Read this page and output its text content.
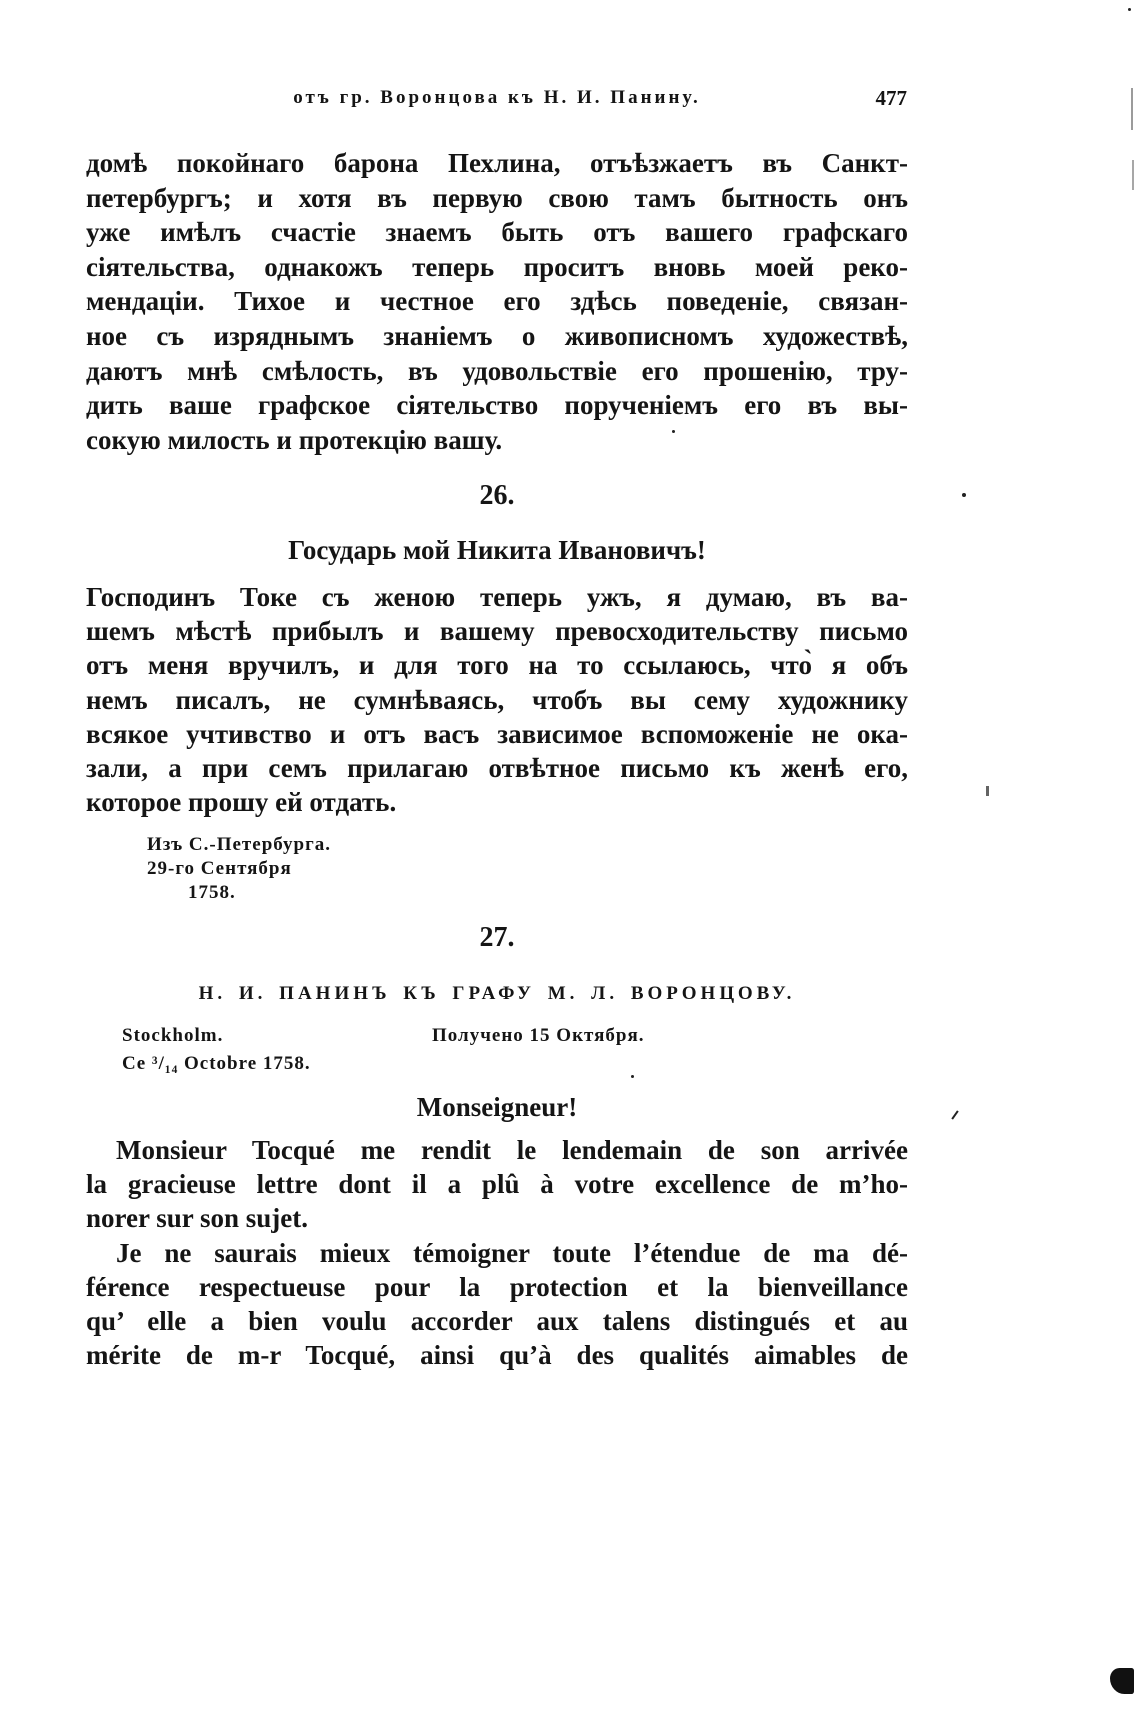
отъ гр. Воронцова къ Н. И. Панину.	477
домѣ покойнаго барона Пехлина, отъѣзжаетъ въ Санкт-
петербургъ; и хотя въ первую свою тамъ бытность онъ
уже имѣлъ счастіе знаемъ быть отъ вашего графскаго
сіятельства, однакожъ теперь проситъ вновь моей реко-
мендаціи. Тихое и честное его здѣсь поведеніе, связан-
ное съ изряднымъ знаніемъ о живописномъ художествѣ,
даютъ мнѣ смѣлость, въ удовольствіе его прошенію, тру-
дить ваше графское сіятельство порученіемъ его въ вы-
сокую милость и протекцію вашу.
26.
Государь мой Никита Ивановичъ!
Господинъ Токе съ женою теперь ужъ, я думаю, въ ва-
шемъ мѣстѣ прибылъ и вашему превосходительству письмо
отъ меня вручилъ, и для того на то ссылаюсь, что̀ я объ
немъ писалъ, не сумнѣваясь, чтобъ вы сему художнику
всякое учтивство и отъ васъ зависимое вспоможеніе не ока-
зали, а при семъ прилагаю отвѣтное письмо къ женѣ его,
которое прошу ей отдать.
Изъ С.-Петербурга.
29-го Сентября
1758.
27.
Н. И. ПАНИНЪ КЪ ГРАФУ М. Л. ВОРОНЦОВУ.
Stockholm.	Получено 15 Октября.
Ce ³/₁₄ Octobre 1758.
Monseigneur!
Monsieur Tocqué me rendit le lendemain de son arrivée
la gracieuse lettre dont il a plû à votre excellence de m’ho-
norer sur son sujet.
Je ne saurais mieux témoigner toute l’étendue de ma dé-
férence respectueuse pour la protection et la bienveillance
qu’ elle a bien voulu accorder aux talens distingués et au
mérite de m-r Tocqué, ainsi qu’à des qualités aimables de
